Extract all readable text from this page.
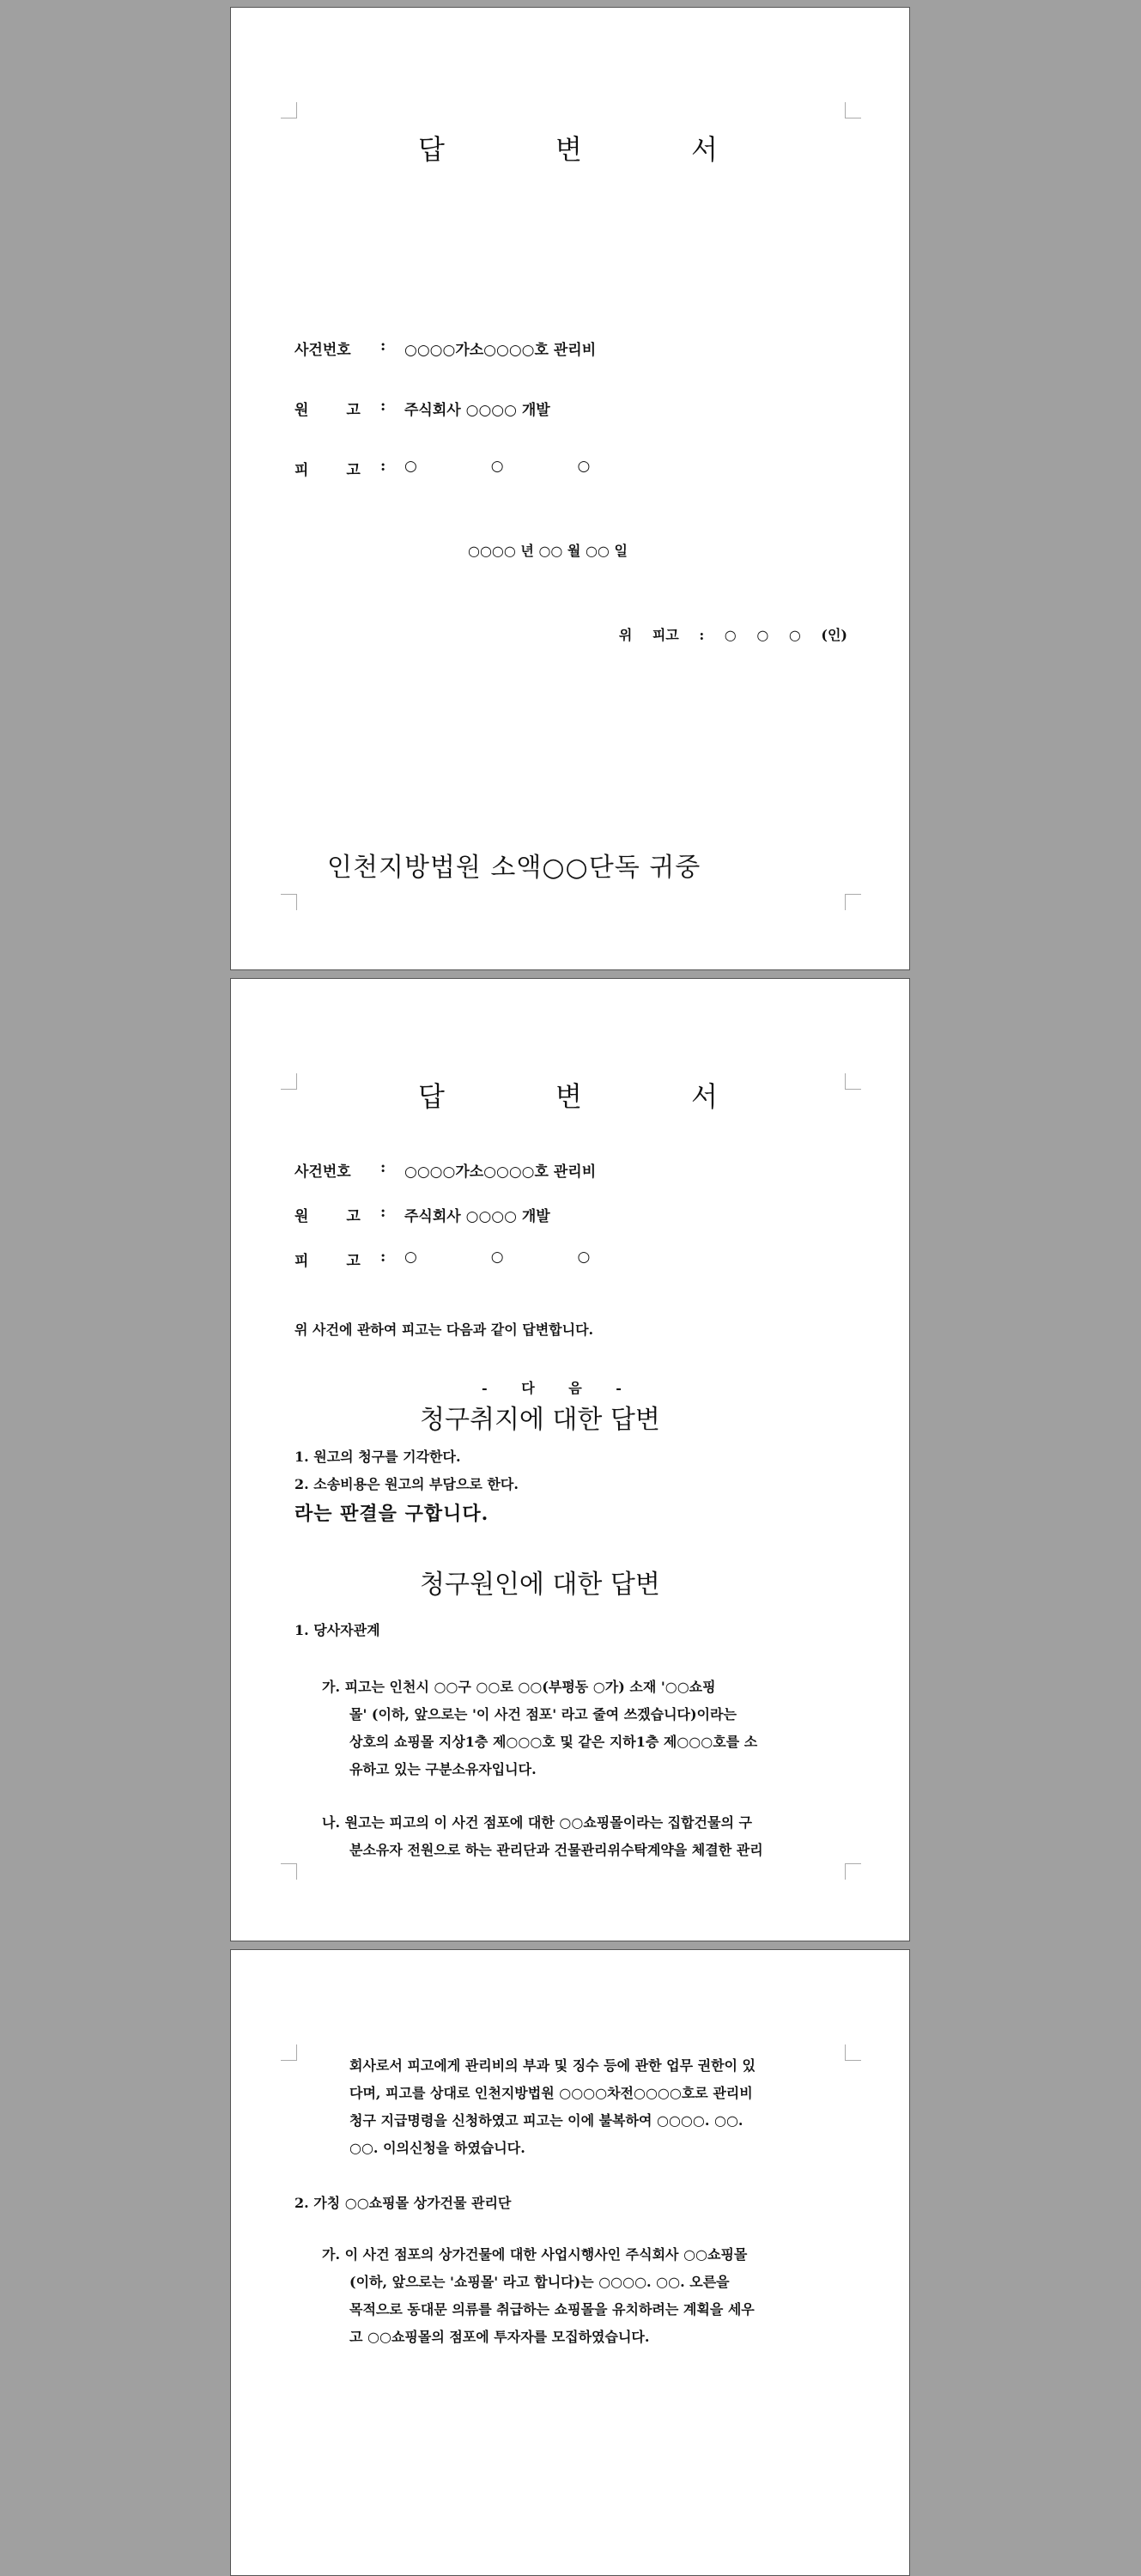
답	변	서
사건번호 : ○○○○가소○○○○호 관리비
원 고 : 주식회사 ○○○○ 개발
피 고 : ○ ○ ○
○○○○ 년 ○○ 월 ○○ 일
위 피고 : ○ ○ ○ (인)
인천지방법원 소액○○단독 귀중
답	변	서
사건번호 : ○○○○가소○○○○호 관리비
원 고 : 주식회사 ○○○○ 개발
피 고 : ○ ○ ○
위 사건에 관하여 피고는 다음과 같이 답변합니다.
- 다 음 -
청구취지에 대한 답변
1. 원고의 청구를 기각한다.
2. 소송비용은 원고의 부담으로 한다.
라는 판결을 구합니다.
청구원인에 대한 답변
1. 당사자관계
가. 피고는 인천시 ○○구 ○○로 ○○(부평동 ○가) 소재 '○○쇼핑
몰' (이하, 앞으로는 '이 사건 점포' 라고 줄여 쓰겠습니다)이라는
상호의 쇼핑몰 지상1층 제○○○호 및 같은 지하1층 제○○○호를 소
유하고 있는 구분소유자입니다.
나. 원고는 피고의 이 사건 점포에 대한 ○○쇼핑몰이라는 집합건물의 구
분소유자 전원으로 하는 관리단과 건물관리위수탁계약을 체결한 관리
회사로서 피고에게 관리비의 부과 및 징수 등에 관한 업무 권한이 있
다며, 피고를 상대로 인천지방법원 ○○○○차전○○○○호로 관리비
청구 지급명령을 신청하였고 피고는 이에 불복하여 ○○○○. ○○.
○○. 이의신청을 하였습니다.
2. 가칭 ○○쇼핑몰 상가건물 관리단
가. 이 사건 점포의 상가건물에 대한 사업시행사인 주식회사 ○○쇼핑몰
(이하, 앞으로는 '쇼핑몰' 라고 합니다)는 ○○○○. ○○. 오른을
목적으로 동대문 의류를 취급하는 쇼핑몰을 유치하려는 계획을 세우
고 ○○쇼핑몰의 점포에 투자자를 모집하였습니다.
